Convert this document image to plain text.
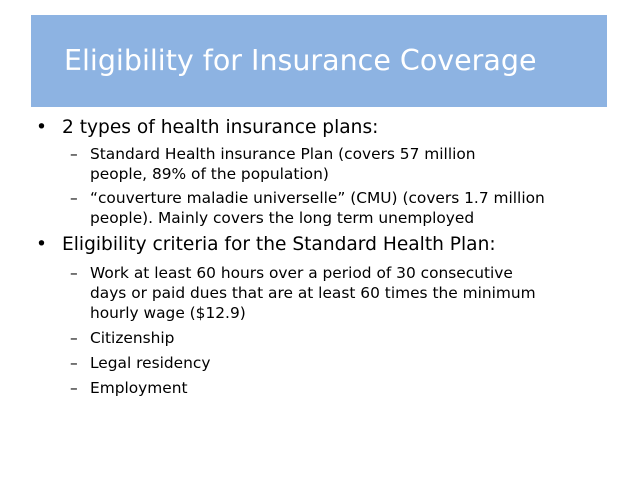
Eligibility for Insurance Coverage
• 2 types of health insurance plans:
– Standard Health insurance Plan (covers 57 million
people, 89% of the population)
– “couverture maladie universelle” (CMU) (covers 1.7 million
people). Mainly covers the long term unemployed
• Eligibility criteria for the Standard Health Plan:
– Work at least 60 hours over a period of 30 consecutive
days or paid dues that are at least 60 times the minimum
hourly wage ($12.9)
– Citizenship
– Legal residency
– Employment
